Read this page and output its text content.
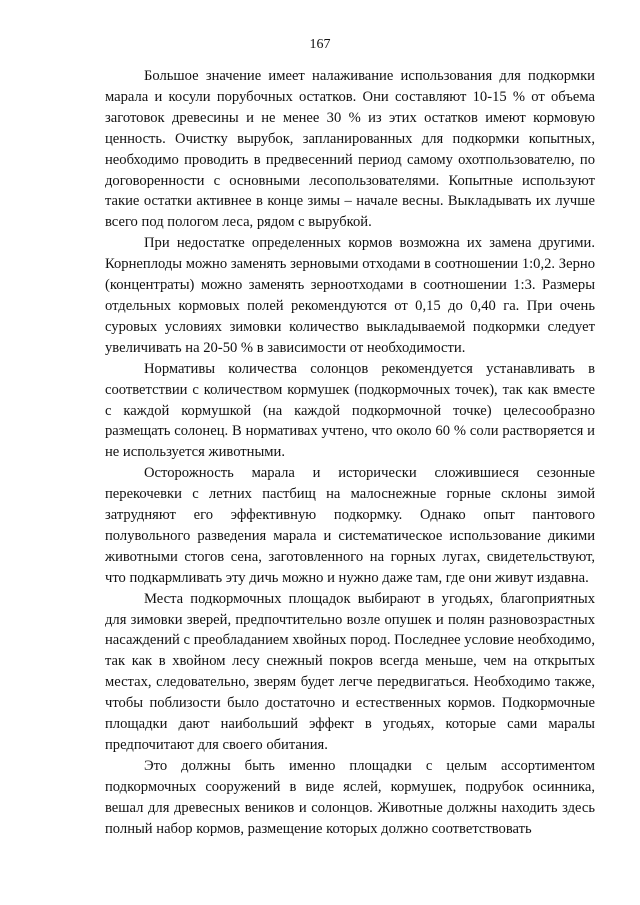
167

Большое значение имеет налаживание использования для подкормки марала и косули порубочных остатков. Они составляют 10-15 % от объема заготовок древесины и не менее 30 % из этих остатков имеют кормовую ценность. Очистку вырубок, запланированных для подкормки копытных, необходимо проводить в предвесенний период самому охотпользователю, по договоренности с основными лесопользователями. Копытные используют такие остатки активнее в конце зимы – начале весны. Выкладывать их лучше всего под пологом леса, рядом с вырубкой.

При недостатке определенных кормов возможна их замена другими. Корнеплоды можно заменять зерновыми отходами в соотношении 1:0,2. Зерно (концентраты) можно заменять зерноотходами в соотношении 1:3. Размеры отдельных кормовых полей рекомендуются от 0,15 до 0,40 га. При очень суровых условиях зимовки количество выкладываемой подкормки следует увеличивать на 20-50 % в зависимости от необходимости.

Нормативы количества солонцов рекомендуется устанавливать в соответствии с количеством кормушек (подкормочных точек), так как вместе с каждой кормушкой (на каждой подкормочной точке) целесообразно размещать солонец. В нормативах учтено, что около 60 % соли растворяется и не используется животными.

Осторожность марала и исторически сложившиеся сезонные перекочевки с летних пастбищ на малоснежные горные склоны зимой затрудняют его эффективную подкормку. Однако опыт пантового полувольного разведения марала и систематическое использование дикими животными стогов сена, заготовленного на горных лугах, свидетельствуют, что подкармливать эту дичь можно и нужно даже там, где они живут издавна.

Места подкормочных площадок выбирают в угодьях, благоприятных для зимовки зверей, предпочтительно возле опушек и полян разновозрастных насаждений с преобладанием хвойных пород. Последнее условие необходимо, так как в хвойном лесу снежный покров всегда меньше, чем на открытых местах, следовательно, зверям будет легче передвигаться. Необходимо также, чтобы поблизости было достаточно и естественных кормов. Подкормочные площадки дают наибольший эффект в угодьях, которые сами маралы предпочитают для своего обитания.

Это должны быть именно площадки с целым ассортиментом подкормочных сооружений в виде яслей, кормушек, подрубок осинника, вешал для древесных веников и солонцов. Животные должны находить здесь полный набор кормов, размещение которых должно соответствовать
